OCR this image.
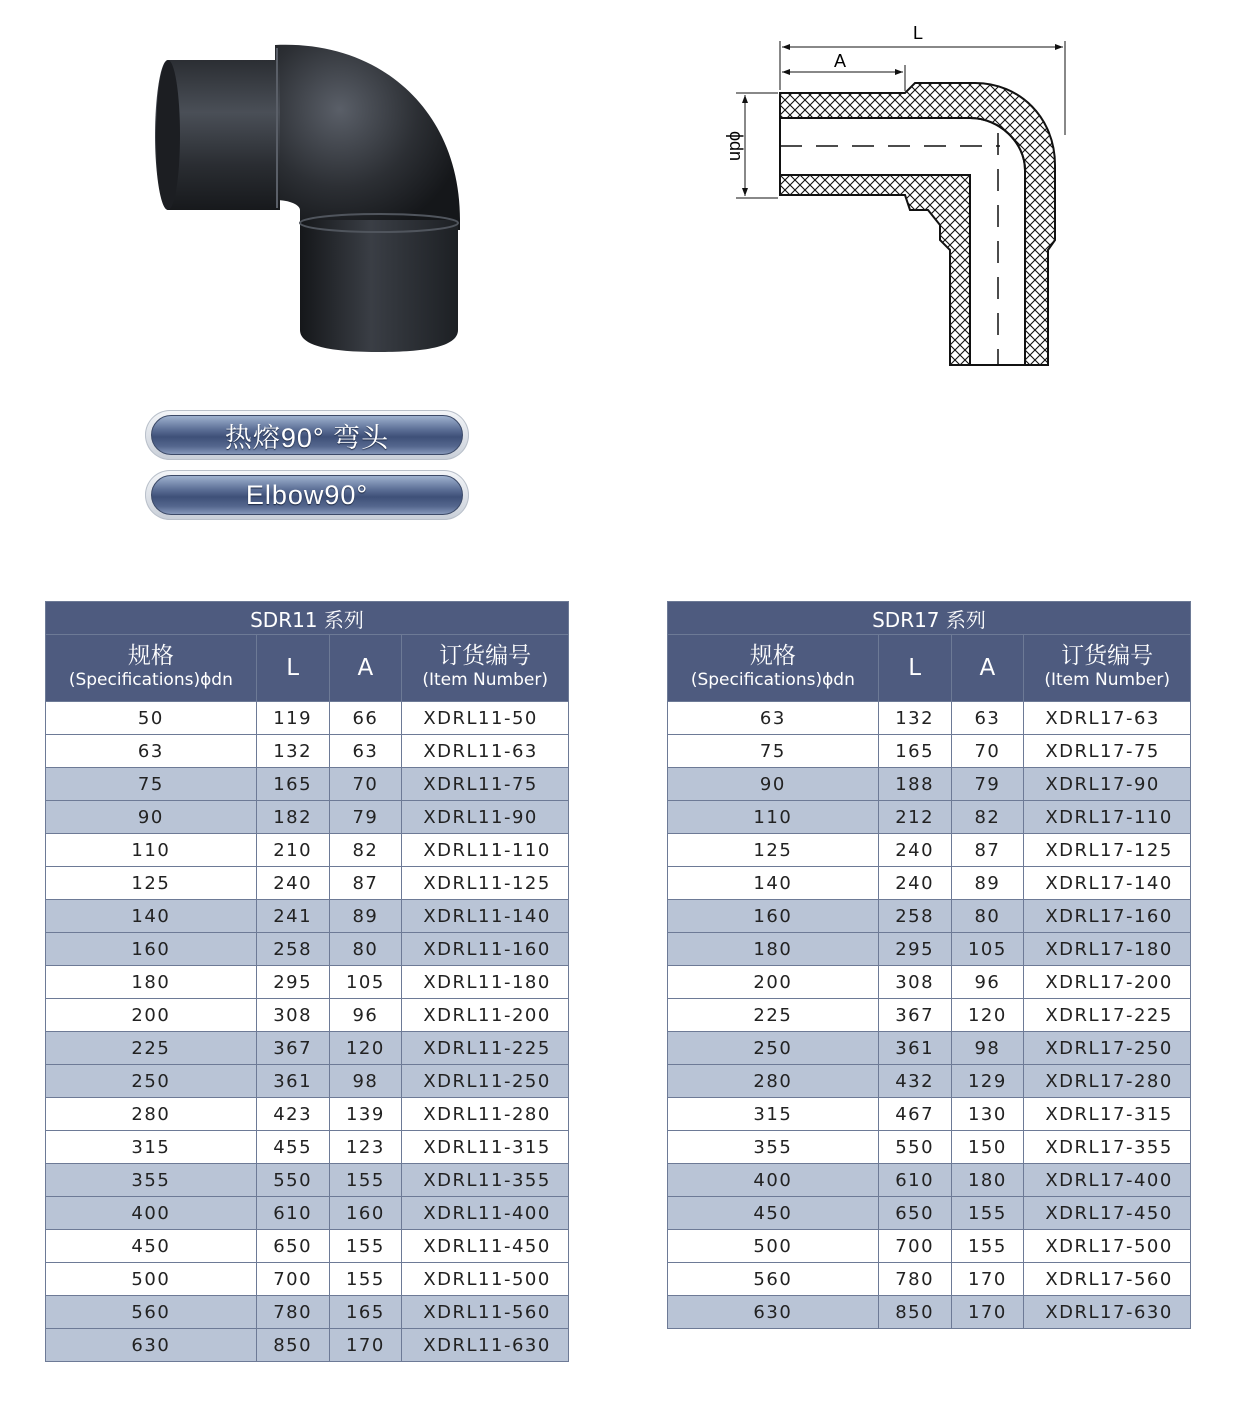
L
A
ϕdn
热熔90° 弯头
Elbow90°
SDR11 系列			
规格
(Specifications)ϕdn	L	A	订货编号
(Item Number)

50	119	66	XDRL11-50
63	132	63	XDRL11-63
75	165	70	XDRL11-75
90	182	79	XDRL11-90
110	210	82	XDRL11-110
125	240	87	XDRL11-125
140	241	89	XDRL11-140
160	258	80	XDRL11-160
180	295	105	XDRL11-180
200	308	96	XDRL11-200
225	367	120	XDRL11-225
250	361	98	XDRL11-250
280	423	139	XDRL11-280
315	455	123	XDRL11-315
355	550	155	XDRL11-355
400	610	160	XDRL11-400
450	650	155	XDRL11-450
500	700	155	XDRL11-500
560	780	165	XDRL11-560
630	850	170	XDRL11-630
SDR17 系列			
规格
(Specifications)ϕdn	L	A	订货编号
(Item Number)

63	132	63	XDRL17-63
75	165	70	XDRL17-75
90	188	79	XDRL17-90
110	212	82	XDRL17-110
125	240	87	XDRL17-125
140	240	89	XDRL17-140
160	258	80	XDRL17-160
180	295	105	XDRL17-180
200	308	96	XDRL17-200
225	367	120	XDRL17-225
250	361	98	XDRL17-250
280	432	129	XDRL17-280
315	467	130	XDRL17-315
355	550	150	XDRL17-355
400	610	180	XDRL17-400
450	650	155	XDRL17-450
500	700	155	XDRL17-500
560	780	170	XDRL17-560
630	850	170	XDRL17-630
